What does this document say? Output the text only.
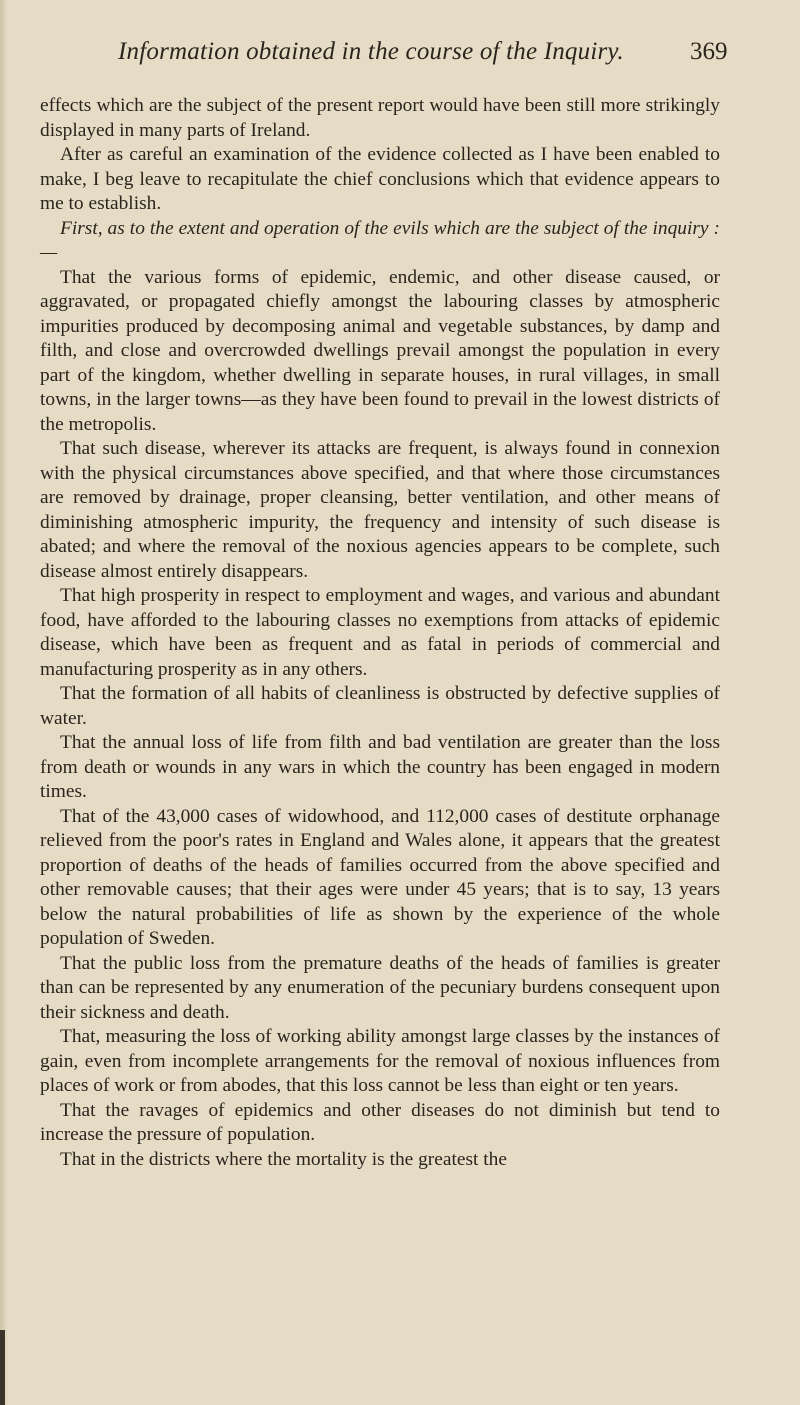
Information obtained in the course of the Inquiry.	369

effects which are the subject of the present report would have been still more strikingly displayed in many parts of Ireland.

After as careful an examination of the evidence collected as I have been enabled to make, I beg leave to recapitulate the chief conclusions which that evidence appears to me to establish.

First, as to the extent and operation of the evils which are the subject of the inquiry :—

That the various forms of epidemic, endemic, and other disease caused, or aggravated, or propagated chiefly amongst the labouring classes by atmospheric impurities produced by decomposing animal and vegetable substances, by damp and filth, and close and overcrowded dwellings prevail amongst the population in every part of the kingdom, whether dwelling in separate houses, in rural villages, in small towns, in the larger towns—as they have been found to prevail in the lowest districts of the metropolis.

That such disease, wherever its attacks are frequent, is always found in connexion with the physical circumstances above specified, and that where those circumstances are removed by drainage, proper cleansing, better ventilation, and other means of diminishing atmospheric impurity, the frequency and intensity of such disease is abated; and where the removal of the noxious agencies appears to be complete, such disease almost entirely disappears.

That high prosperity in respect to employment and wages, and various and abundant food, have afforded to the labouring classes no exemptions from attacks of epidemic disease, which have been as frequent and as fatal in periods of commercial and manufacturing prosperity as in any others.

That the formation of all habits of cleanliness is obstructed by defective supplies of water.

That the annual loss of life from filth and bad ventilation are greater than the loss from death or wounds in any wars in which the country has been engaged in modern times.

That of the 43,000 cases of widowhood, and 112,000 cases of destitute orphanage relieved from the poor's rates in England and Wales alone, it appears that the greatest proportion of deaths of the heads of families occurred from the above specified and other removable causes; that their ages were under 45 years; that is to say, 13 years below the natural probabilities of life as shown by the experience of the whole population of Sweden.

That the public loss from the premature deaths of the heads of families is greater than can be represented by any enumeration of the pecuniary burdens consequent upon their sickness and death.

That, measuring the loss of working ability amongst large classes by the instances of gain, even from incomplete arrangements for the removal of noxious influences from places of work or from abodes, that this loss cannot be less than eight or ten years.

That the ravages of epidemics and other diseases do not diminish but tend to increase the pressure of population.

That in the districts where the mortality is the greatest the
